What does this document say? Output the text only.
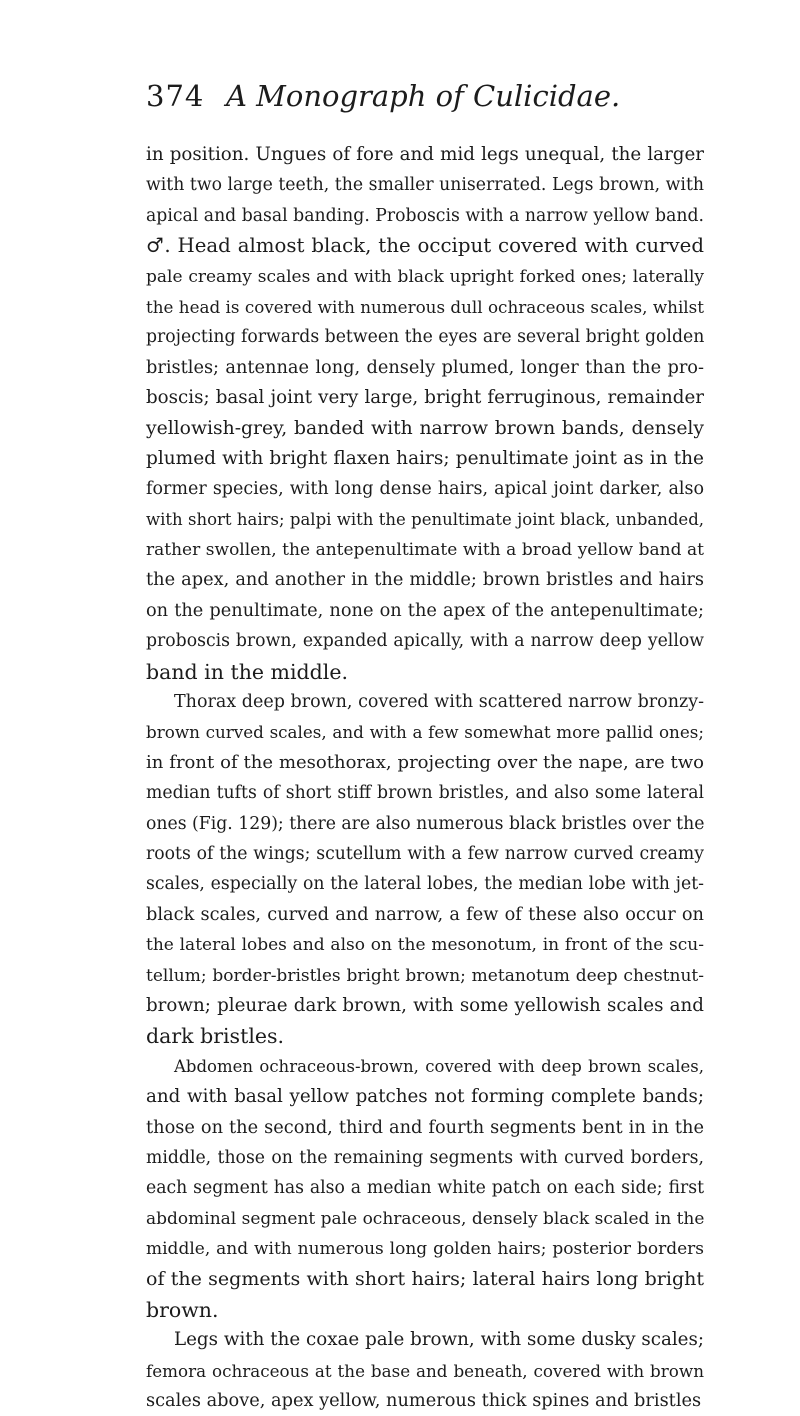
374 A Monograph of Culicidae.
in position. Ungues of fore and mid legs unequal, the larger
with two large teeth, the smaller uniserrated. Legs brown, with
apical and basal banding. Proboscis with a narrow yellow band.
♂. Head almost black, the occiput covered with curved
pale creamy scales and with black upright forked ones; laterally
the head is covered with numerous dull ochraceous scales, whilst
projecting forwards between the eyes are several bright golden
bristles; antennae long, densely plumed, longer than the pro-
boscis; basal joint very large, bright ferruginous, remainder
yellowish-grey, banded with narrow brown bands, densely
plumed with bright flaxen hairs; penultimate joint as in the
former species, with long dense hairs, apical joint darker, also
with short hairs; palpi with the penultimate joint black, unbanded,
rather swollen, the antepenultimate with a broad yellow band at
the apex, and another in the middle; brown bristles and hairs
on the penultimate, none on the apex of the antepenultimate;
proboscis brown, expanded apically, with a narrow deep yellow
band in the middle.
Thorax deep brown, covered with scattered narrow bronzy-
brown curved scales, and with a few somewhat more pallid ones;
in front of the mesothorax, projecting over the nape, are two
median tufts of short stiff brown bristles, and also some lateral
ones (Fig. 129); there are also numerous black bristles over the
roots of the wings; scutellum with a few narrow curved creamy
scales, especially on the lateral lobes, the median lobe with jet-
black scales, curved and narrow, a few of these also occur on
the lateral lobes and also on the mesonotum, in front of the scu-
tellum; border-bristles bright brown; metanotum deep chestnut-
brown; pleurae dark brown, with some yellowish scales and
dark bristles.
Abdomen ochraceous-brown, covered with deep brown scales,
and with basal yellow patches not forming complete bands;
those on the second, third and fourth segments bent in in the
middle, those on the remaining segments with curved borders,
each segment has also a median white patch on each side; first
abdominal segment pale ochraceous, densely black scaled in the
middle, and with numerous long golden hairs; posterior borders
of the segments with short hairs; lateral hairs long bright
brown.
Legs with the coxae pale brown, with some dusky scales;
femora ochraceous at the base and beneath, covered with brown
scales above, apex yellow, numerous thick spines and bristles
